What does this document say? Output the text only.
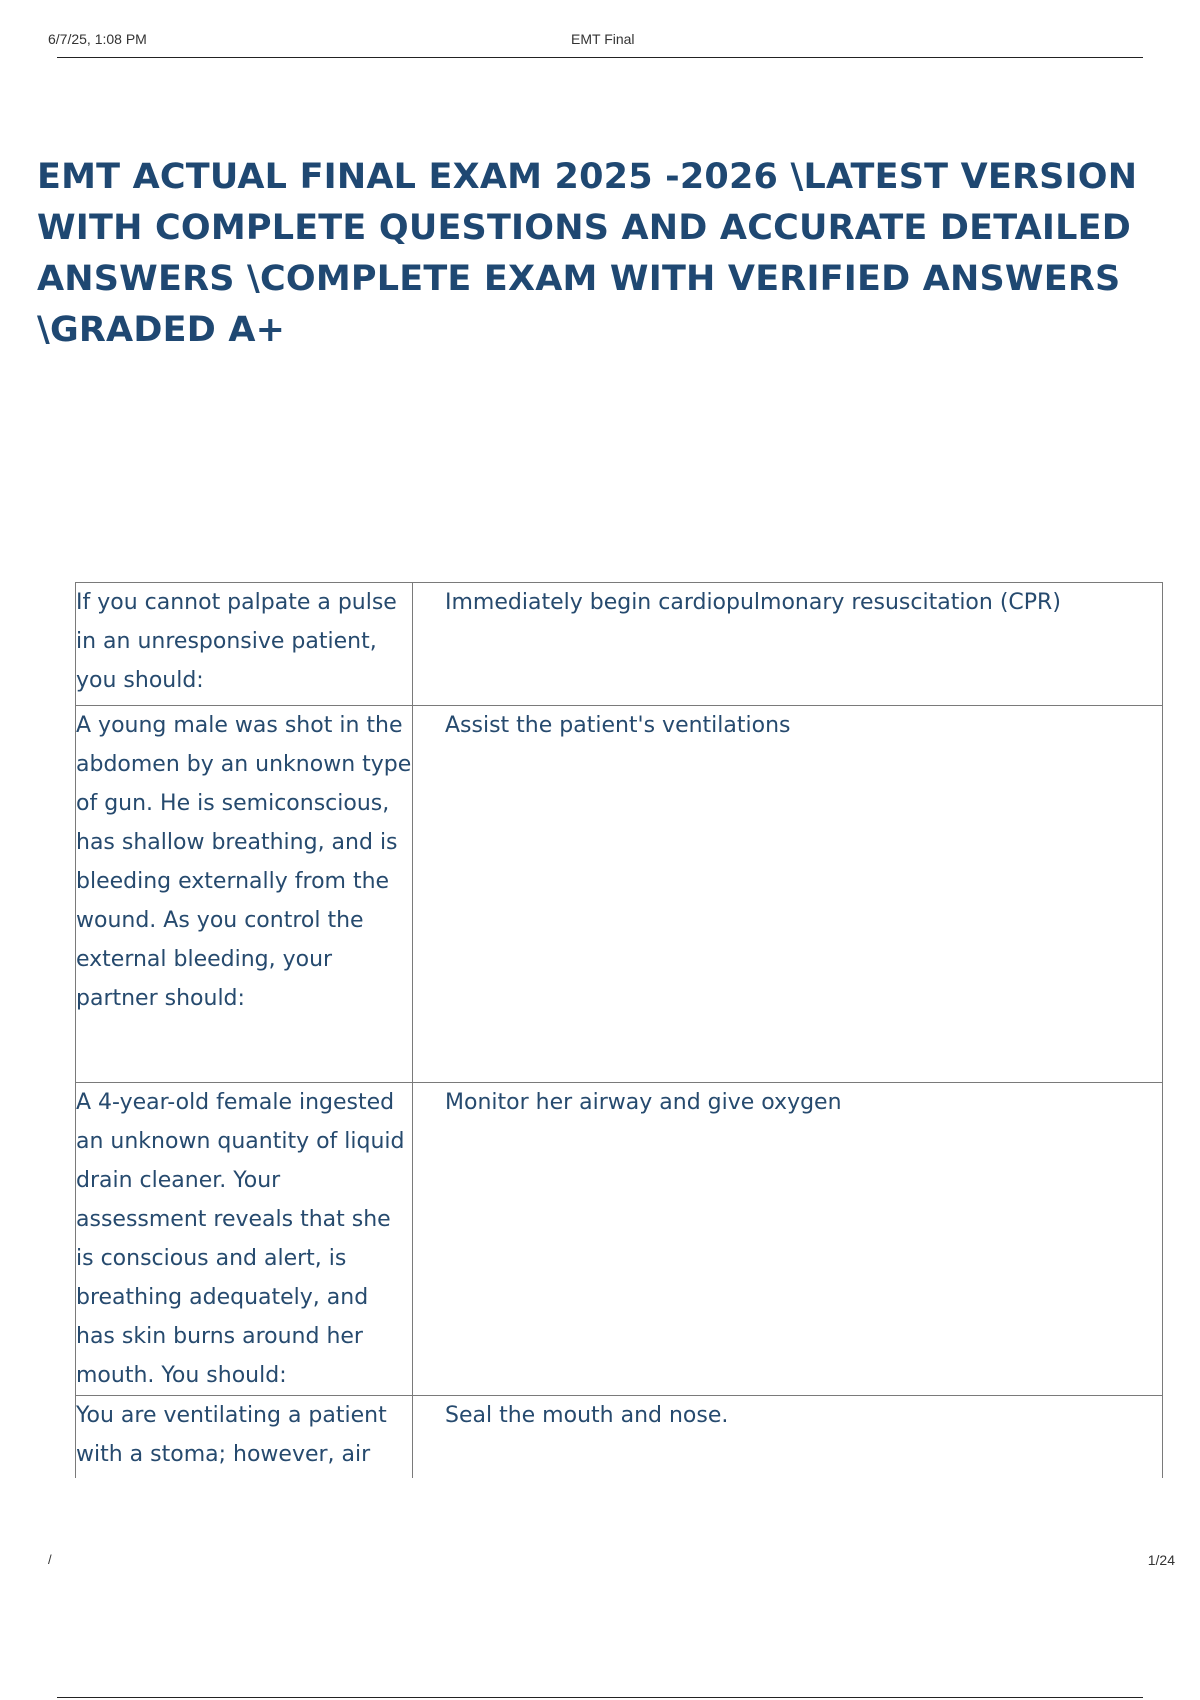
6/7/25, 1:08 PM	EMT Final
EMT ACTUAL FINAL EXAM 2025 -2026 \LATEST VERSION WITH COMPLETE QUESTIONS AND ACCURATE DETAILED ANSWERS \COMPLETE EXAM WITH VERIFIED ANSWERS \GRADED A+
If you cannot palpate a pulse in an unresponsive patient, you should:	Immediately begin cardiopulmonary resuscitation (CPR)

A young male was shot in the abdomen by an unknown type of gun. He is semiconscious, has shallow breathing, and is bleeding externally from the wound. As you control the external bleeding, your partner should:	Assist the patient's ventilations

A 4-year-old female ingested an unknown quantity of liquid drain cleaner. Your assessment reveals that she is conscious and alert, is breathing adequately, and has skin burns around her mouth. You should:	Monitor her airway and give oxygen

You are ventilating a patient with a stoma; however, air	Seal the mouth and nose.
/	1/24
